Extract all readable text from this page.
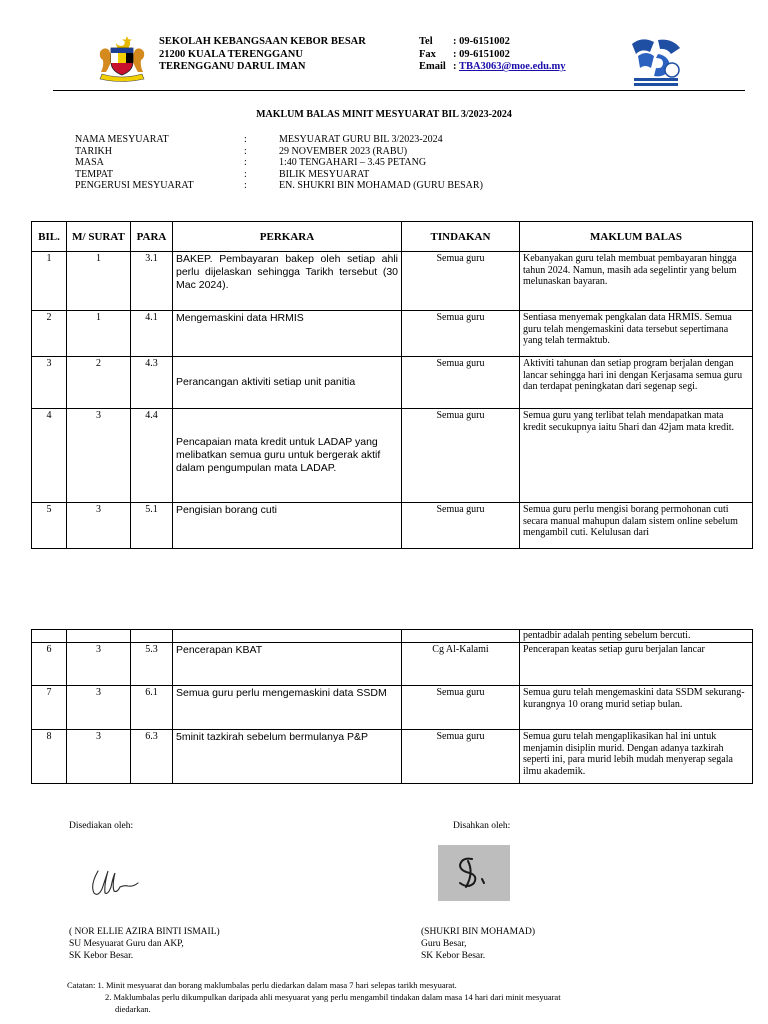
SEKOLAH KEBANGSAAN KEBOR BESAR
21200 KUALA TERENGGANU
TERENGGANU DARUL IMAN
Tel : 09-6151002
Fax : 09-6151002
Email : TBA3063@moe.edu.my
MAKLUM BALAS MINIT MESYUARAT BIL 3/2023-2024
NAMA MESYUARAT	:	MESYUARAT GURU BIL 3/2023-2024
TARIKH	:	29 NOVEMBER 2023 (RABU)
MASA	:	1:40 TENGAHARI – 3.45 PETANG
TEMPAT	:	BILIK MESYUARAT
PENGERUSI MESYUARAT	:	EN. SHUKRI BIN MOHAMAD (GURU BESAR)
BIL.	M/ SURAT	PARA	PERKARA	TINDAKAN	MAKLUM BALAS
1	1	3.1	BAKEP. Pembayaran bakep oleh setiap ahli perlu dijelaskan sehingga Tarikh tersebut (30 Mac 2024).	Semua guru	Kebanyakan guru telah membuat pembayaran hingga tahun 2024. Namun, masih ada segelintir yang belum melunaskan bayaran.
2	1	4.1	Mengemaskini data HRMIS	Semua guru	Sentiasa menyemak pengkalan data HRMIS. Semua guru telah mengemaskini data tersebut sepertimana yang telah termaktub.
3	2	4.3	Perancangan aktiviti setiap unit panitia	Semua guru	Aktiviti tahunan dan setiap program berjalan dengan lancar sehingga hari ini dengan Kerjasama semua guru dan terdapat peningkatan dari segenap segi.
4	3	4.4	Pencapaian mata kredit untuk LADAP yang melibatkan semua guru untuk bergerak aktif dalam pengumpulan mata LADAP.	Semua guru	Semua guru yang terlibat telah mendapatkan mata kredit secukupnya iaitu 5hari dan 42jam mata kredit.
5	3	5.1	Pengisian borang cuti	Semua guru	Semua guru perlu mengisi borang permohonan cuti secara manual mahupun dalam sistem online sebelum mengambil cuti. Kelulusan dari
					pentadbir adalah penting sebelum bercuti.
6	3	5.3	Pencerapan KBAT	Cg Al-Kalami	Pencerapan keatas setiap guru berjalan lancar
7	3	6.1	Semua guru perlu mengemaskini data SSDM	Semua guru	Semua guru telah mengemaskini data SSDM sekurang-kurangnya 10 orang murid setiap bulan.
8	3	6.3	5minit tazkirah sebelum bermulanya P&P	Semua guru	Semua guru telah mengaplikasikan hal ini untuk menjamin disiplin murid. Dengan adanya tazkirah seperti ini, para murid lebih mudah menyerap segala ilmu akademik.
Disediakan oleh:	Disahkan oleh:
( NOR ELLIE AZIRA BINTI ISMAIL)
SU Mesyuarat Guru dan AKP,
SK Kebor Besar.
(SHUKRI BIN MOHAMAD)
Guru Besar,
SK Kebor Besar.
Catatan: 1. Minit mesyuarat dan borang maklumbalas perlu diedarkan dalam masa 7 hari selepas tarikh mesyuarat.
2. Maklumbalas perlu dikumpulkan daripada ahli mesyuarat yang perlu mengambil tindakan dalam masa 14 hari dari minit mesyuarat
diedarkan.
